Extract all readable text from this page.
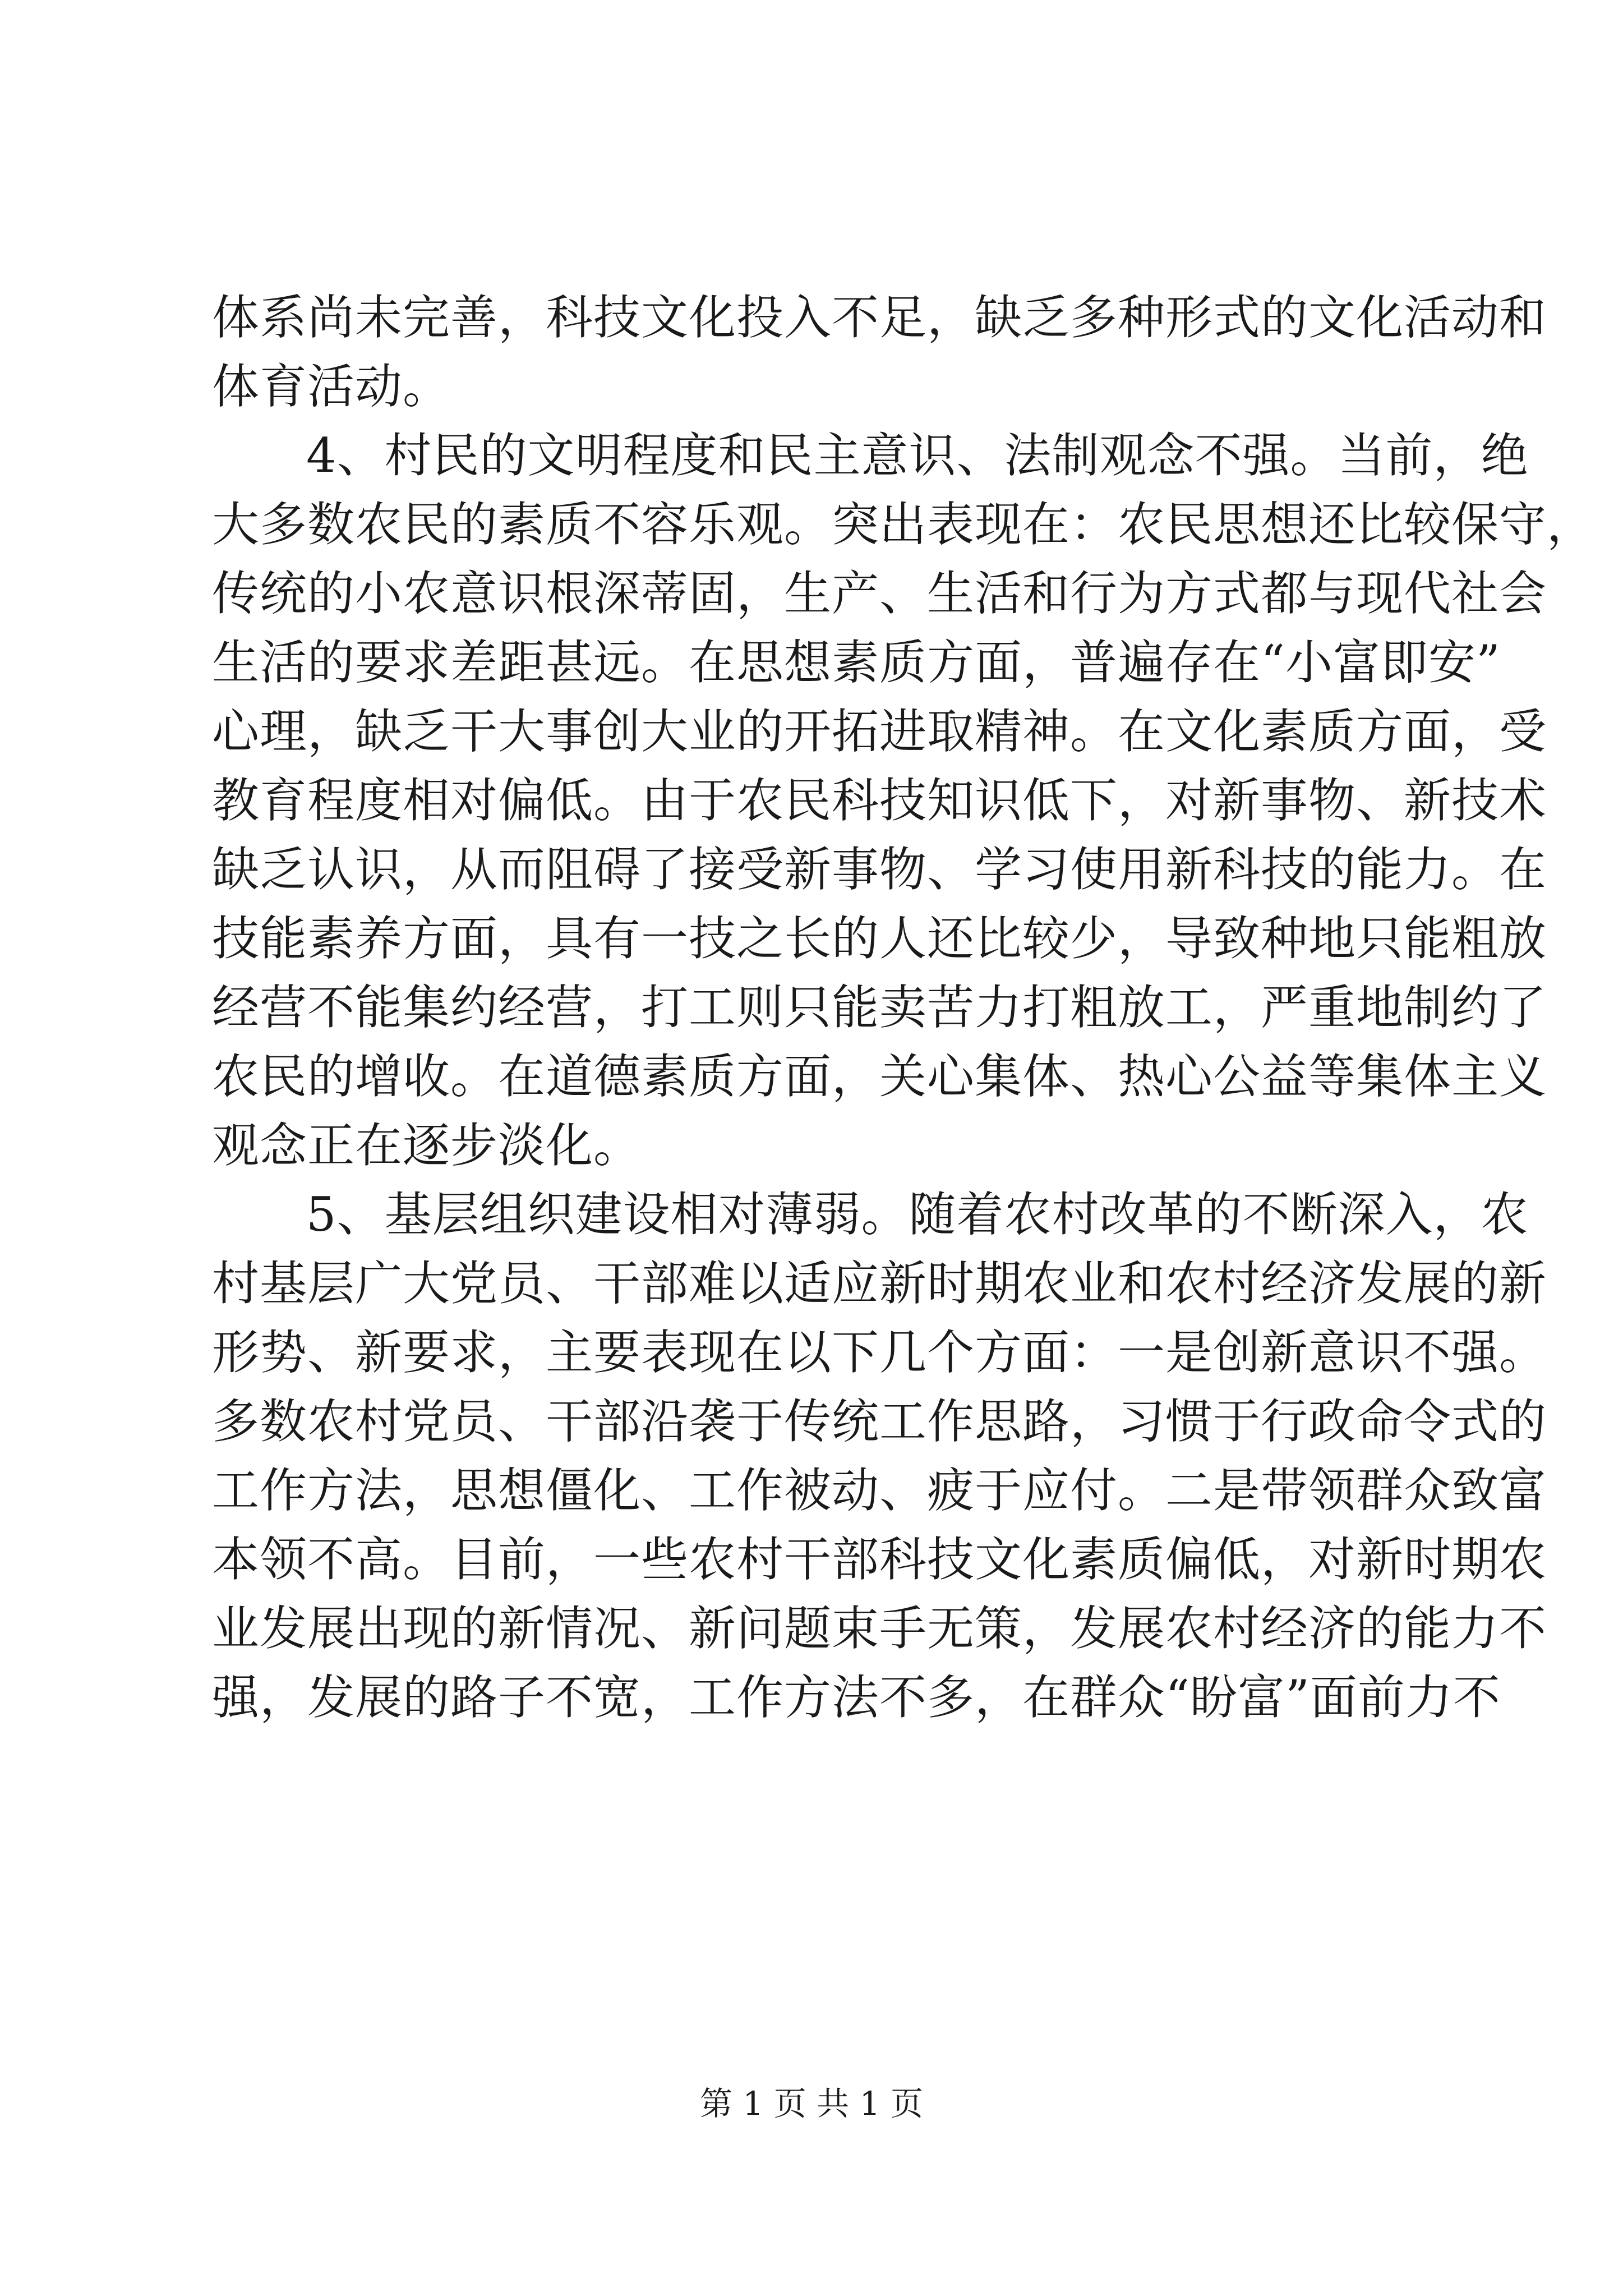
体系尚未完善，科技文化投入不足，缺乏多种形式的文化活动和
体育活动。
4、村民的文明程度和民主意识、法制观念不强。当前，绝
大多数农民的素质不容乐观。突出表现在：农民思想还比较保守，
传统的小农意识根深蒂固，生产、生活和行为方式都与现代社会
生活的要求差距甚远。在思想素质方面，普遍存在“小富即安”
心理，缺乏干大事创大业的开拓进取精神。在文化素质方面，受
教育程度相对偏低。由于农民科技知识低下，对新事物、新技术
缺乏认识，从而阻碍了接受新事物、学习使用新科技的能力。在
技能素养方面，具有一技之长的人还比较少，导致种地只能粗放
经营不能集约经营，打工则只能卖苦力打粗放工，严重地制约了
农民的增收。在道德素质方面，关心集体、热心公益等集体主义
观念正在逐步淡化。
5、基层组织建设相对薄弱。随着农村改革的不断深入，农
村基层广大党员、干部难以适应新时期农业和农村经济发展的新
形势、新要求，主要表现在以下几个方面：一是创新意识不强。
多数农村党员、干部沿袭于传统工作思路，习惯于行政命令式的
工作方法，思想僵化、工作被动、疲于应付。二是带领群众致富
本领不高。目前，一些农村干部科技文化素质偏低，对新时期农
业发展出现的新情况、新问题束手无策，发展农村经济的能力不
强，发展的路子不宽，工作方法不多，在群众“盼富”面前力不
第 1 页 共 1 页
